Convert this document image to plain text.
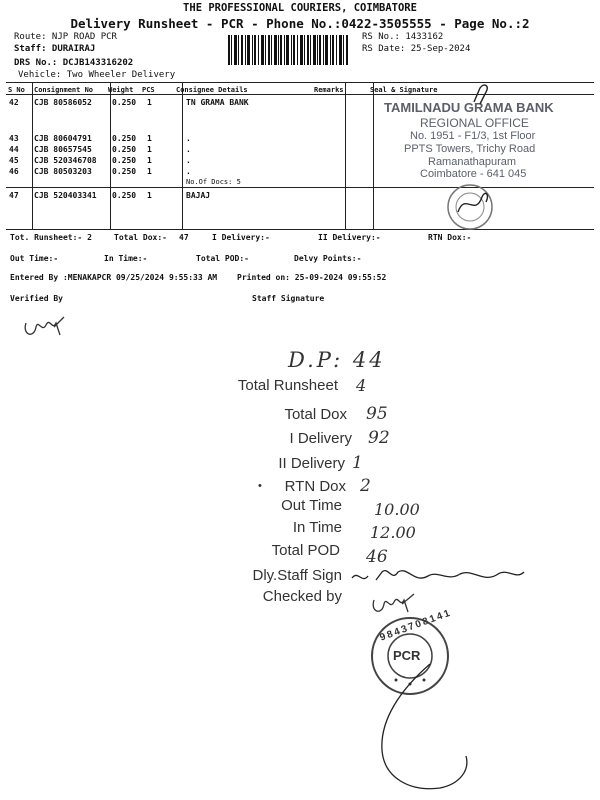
THE PROFESSIONAL COURIERS, COIMBATORE
Delivery Runsheet - PCR - Phone No.:0422-3505555 - Page No.:2
Route: NJP ROAD PCR
Staff: DURAIRAJ
DRS No.: DCJB143316202
Vehicle: Two Wheeler Delivery
RS No.: 1433162
RS Date: 25-Sep-2024
S No Consignment No Weight PCS	Consignee Details	Remarks	Seal & Signature
42 CJB 80586052	0.250 1	TN GRAMA BANK
43 CJB 80604791	0.250 1	.
44 CJB 80657545	0.250 1	.
45 CJB 520346708 0.250 1	.
46 CJB 80503203	0.250 1	.
No.Of Docs: 5
47 CJB 520403341 0.250 1	BAJAJ
TAMILNADU GRAMA BANK
REGIONAL OFFICE
No. 1951 - F1/3, 1st Floor
PPTS Towers, Trichy Road
Ramanathapuram
Coimbatore - 641 045
Tot. Runsheet:- 2	Total Dox:- 47	I Delivery:-	II Delivery:-	RTN Dox:-
Out Time:-	In Time:-	Total POD:-	Delvy Points:-
Entered By :MENAKAPCR 09/25/2024 9:55:33 AM Printed on: 25-09-2024 09:55:52
Verified By	Staff Signature
D.P: 44
Total Runsheet 4
Total Dox 95
I Delivery 92
II Delivery 1
• RTN Dox 2
Out Time 10.00
In Time 12.00
Total POD 46
Dly.Staff Sign
Checked by
PCR
9843708141
